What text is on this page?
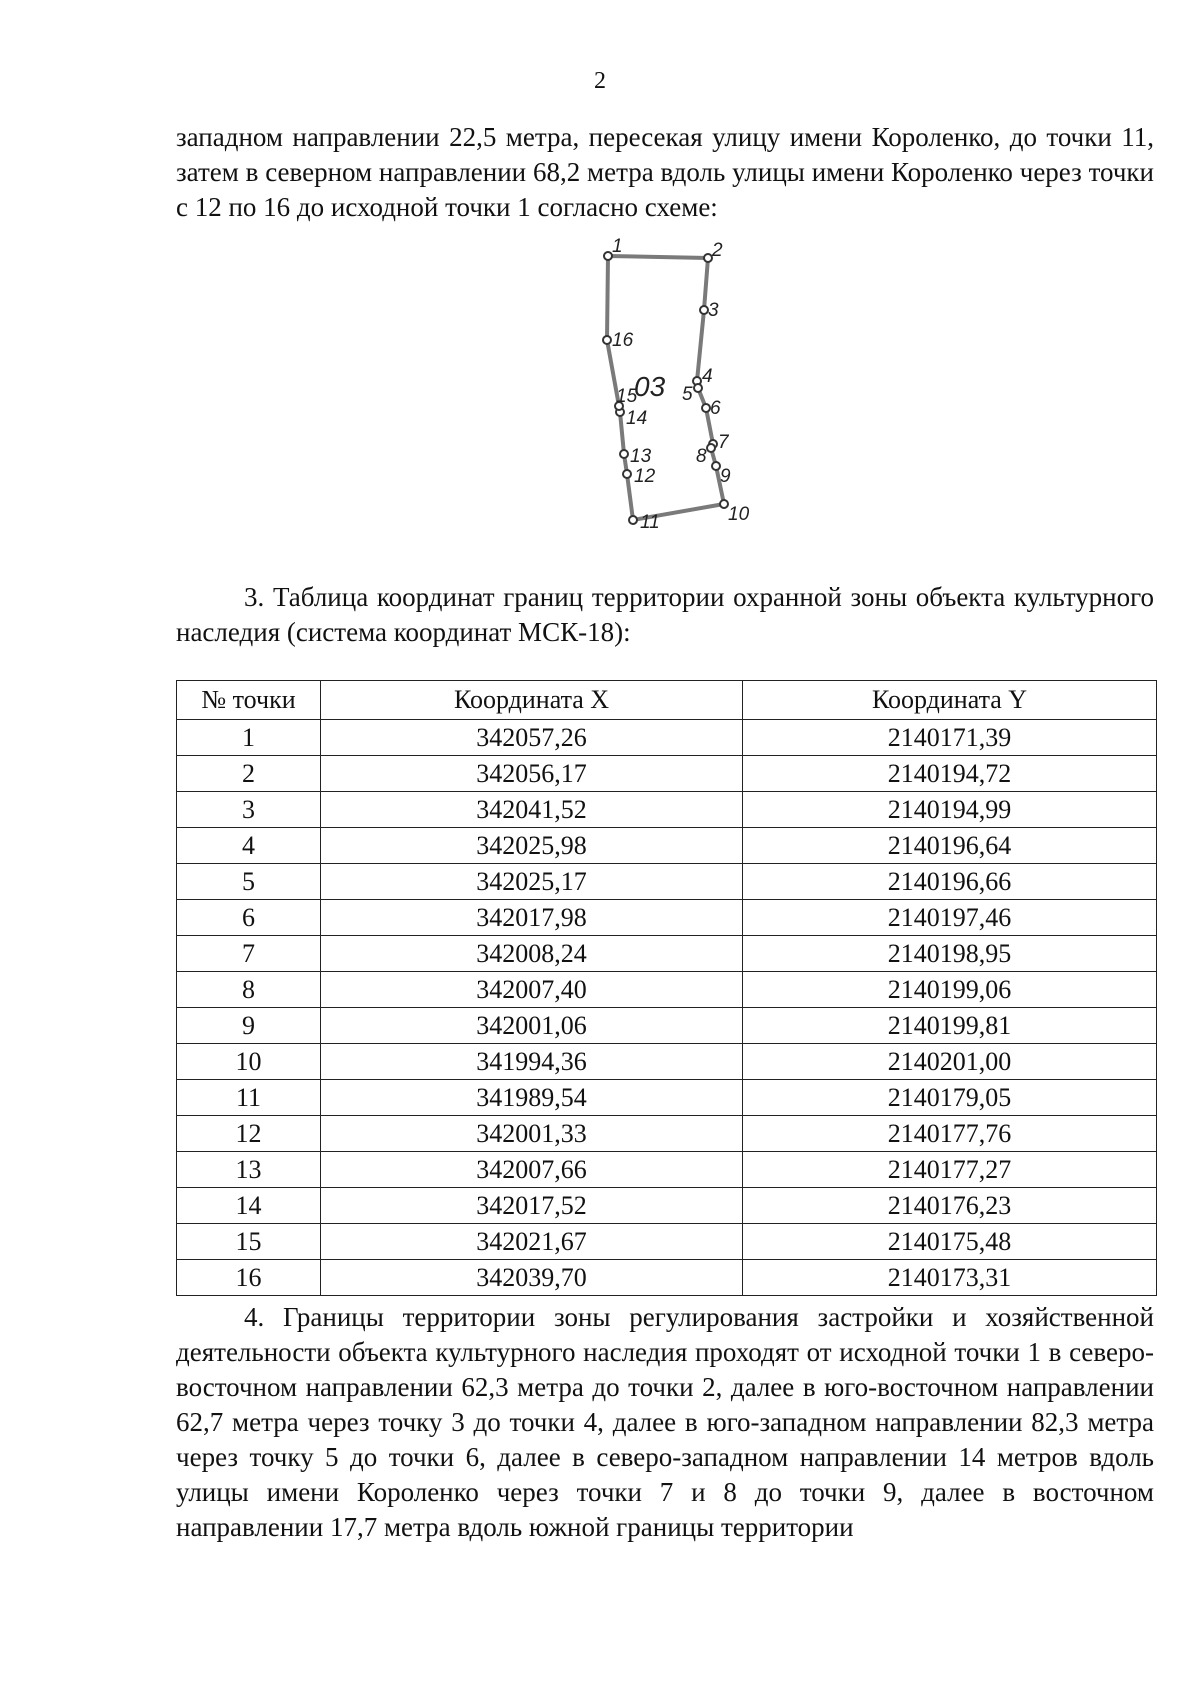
2

западном направлении 22,5 метра, пересекая улицу имени Короленко, до точки 11, затем в северном направлении 68,2 метра вдоль улицы имени Короленко через точки с 12 по 16 до исходной точки 1 согласно схеме:

1	2
3
4
5
6
7
8
9
10
11
12
13
14
15
16
03

3. Таблица координат границ территории охранной зоны объекта культурного наследия (система координат МСК-18):

№ точки	Координата X	Координата Y
1	342057,26	2140171,39
2	342056,17	2140194,72
3	342041,52	2140194,99
4	342025,98	2140196,64
5	342025,17	2140196,66
6	342017,98	2140197,46
7	342008,24	2140198,95
8	342007,40	2140199,06
9	342001,06	2140199,81
10	341994,36	2140201,00
11	341989,54	2140179,05
12	342001,33	2140177,76
13	342007,66	2140177,27
14	342017,52	2140176,23
15	342021,67	2140175,48
16	342039,70	2140173,31

4. Границы территории зоны регулирования застройки и хозяйственной деятельности объекта культурного наследия проходят от исходной точки 1 в северо-восточном направлении 62,3 метра до точки 2, далее в юго-восточном направлении 62,7 метра через точку 3 до точки 4, далее в юго-западном направлении 82,3 метра через точку 5 до точки 6, далее в северо-западном направлении 14 метров вдоль улицы имени Короленко через точки 7 и 8 до точки 9, далее в восточном направлении 17,7 метра вдоль южной границы территории
